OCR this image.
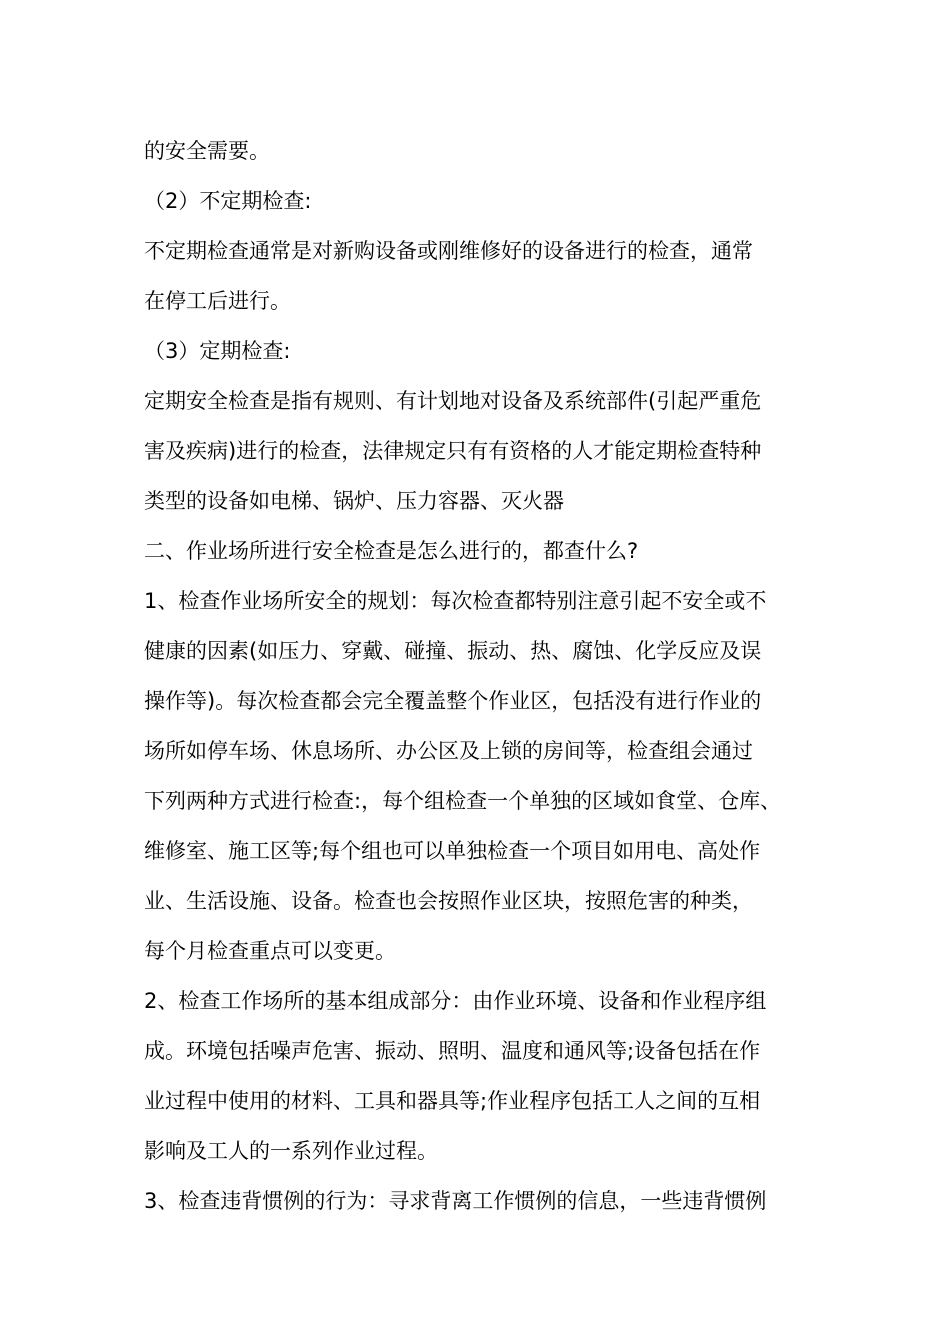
的安全需要。
（2）不定期检查:
不定期检查通常是对新购设备或刚维修好的设备进行的检查，通常
在停工后进行。
（3）定期检查:
定期安全检查是指有规则、有计划地对设备及系统部件(引起严重危
害及疾病)进行的检查，法律规定只有有资格的人才能定期检查特种
类型的设备如电梯、锅炉、压力容器、灭火器
二、作业场所进行安全检查是怎么进行的，都查什么?
1、检查作业场所安全的规划：每次检查都特别注意引起不安全或不
健康的因素(如压力、穿戴、碰撞、振动、热、腐蚀、化学反应及误
操作等)。每次检查都会完全覆盖整个作业区，包括没有进行作业的
场所如停车场、休息场所、办公区及上锁的房间等，检查组会通过
下列两种方式进行检查:，每个组检查一个单独的区域如食堂、仓库、
维修室、施工区等;每个组也可以单独检查一个项目如用电、高处作
业、生活设施、设备。检查也会按照作业区块，按照危害的种类，
每个月检查重点可以变更。
2、检查工作场所的基本组成部分：由作业环境、设备和作业程序组
成。环境包括噪声危害、振动、照明、温度和通风等;设备包括在作
业过程中使用的材料、工具和器具等;作业程序包括工人之间的互相
影响及工人的一系列作业过程。
3、检查违背惯例的行为：寻求背离工作惯例的信息，一些违背惯例
